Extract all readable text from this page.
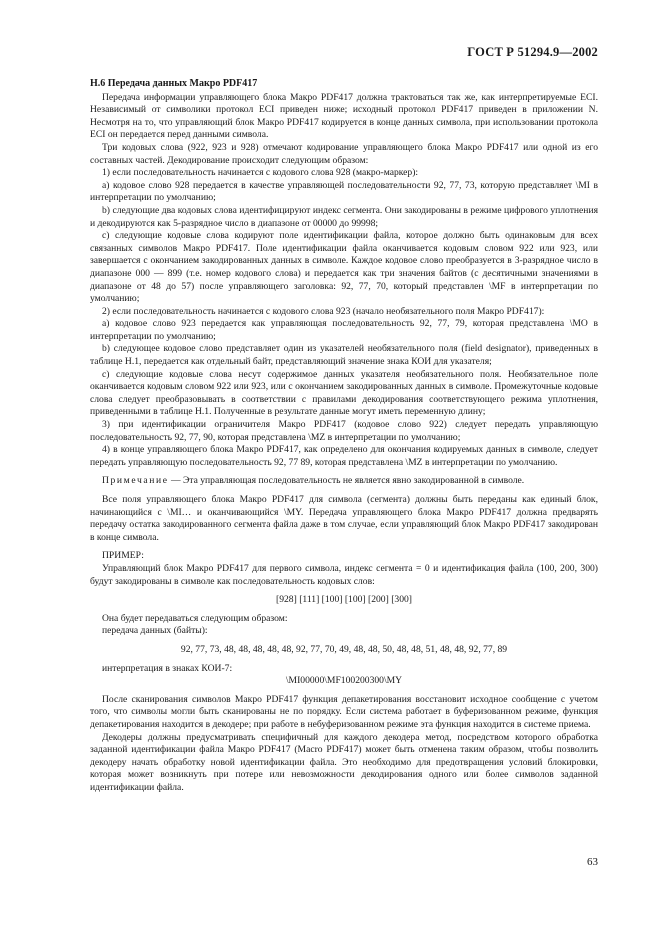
ГОСТ Р 51294.9—2002
Н.6 Передача данных Макро PDF417

Передача информации управляющего блока Макро PDF417 должна трактоваться так же, как интерпретируемые ECI. Независимый от символики протокол ECI приведен ниже; исходный протокол PDF417 приведен в приложении N. Несмотря на то, что управляющий блок Макро PDF417 кодируется в конце данных символа, при использовании протокола ECI он передается перед данными символа.

Три кодовых слова (922, 923 и 928) отмечают кодирование управляющего блока Макро PDF417 или одной из его составных частей. Декодирование происходит следующим образом:

1) если последовательность начинается с кодового слова 928 (макро-маркер):

а) кодовое слово 928 передается в качестве управляющей последовательности 92, 77, 73, которую представляет \MI в интерпретации по умолчанию;

b) следующие два кодовых слова идентифицируют индекс сегмента. Они закодированы в режиме цифрового уплотнения и декодируются как 5-разрядное число в диапазоне от 00000 до 99998;

с) следующие кодовые слова кодируют поле идентификации файла, которое должно быть одинаковым для всех связанных символов Макро PDF417. Поле идентификации файла оканчивается кодовым словом 922 или 923, или завершается с окончанием закодированных данных в символе. Каждое кодовое слово преобразуется в 3-разрядное число в диапазоне 000 — 899 (т.е. номер кодового слова) и передается как три значения байтов (с десятичными значениями в диапазоне от 48 до 57) после управляющего заголовка: 92, 77, 70, который представлен \MF в интерпретации по умолчанию;

2) если последовательность начинается с кодового слова 923 (начало необязательного поля Макро PDF417):

а) кодовое слово 923 передается как управляющая последовательность 92, 77, 79, которая представлена \MO в интерпретации по умолчанию;

b) следующее кодовое слово представляет один из указателей необязательного поля (field designator), приведенных в таблице Н.1, передается как отдельный байт, представляющий значение знака КОИ для указателя;

с) следующие кодовые слова несут содержимое данных указателя необязательного поля. Необязательное поле оканчивается кодовым словом 922 или 923, или с окончанием закодированных данных в символе. Промежуточные кодовые слова следует преобразовывать в соответствии с правилами декодирования соответствующего режима уплотнения, приведенными в таблице Н.1. Полученные в результате данные могут иметь переменную длину;

3) при идентификации ограничителя Макро PDF417 (кодовое слово 922) следует передать управляющую последовательность 92, 77, 90, которая представлена \MZ в интерпретации по умолчанию;

4) в конце управляющего блока Макро PDF417, как определено для окончания кодируемых данных в символе, следует передать управляющую последовательность 92, 77 89, которая представлена \MZ в интерпретации по умолчанию.

Примечание — Эта управляющая последовательность не является явно закодированной в символе.

Все поля управляющего блока Макро PDF417 для символа (сегмента) должны быть переданы как единый блок, начинающийся с \MI… и оканчивающийся \MY. Передача управляющего блока Макро PDF417 должна предварять передачу остатка закодированного сегмента файла даже в том случае, если управляющий блок Макро PDF417 закодирован в конце символа.

ПРИМЕР:

Управляющий блок Макро PDF417 для первого символа, индекс сегмента = 0 и идентификация файла (100, 200, 300) будут закодированы в символе как последовательность кодовых слов:

[928] [111] [100] [100] [200] [300]

Она будет передаваться следующим образом:

передача данных (байты):

92, 77, 73, 48, 48, 48, 48, 48, 92, 77, 70, 49, 48, 48, 50, 48, 48, 51, 48, 48, 92, 77, 89

интерпретация в знаках КОИ-7:

\MI00000\MF100200300\MY

После сканирования символов Макро PDF417 функция депакетирования восстановит исходное сообщение с учетом того, что символы могли быть сканированы не по порядку. Если система работает в буферизованном режиме, функция депакетирования находится в декодере; при работе в небуферизованном режиме эта функция находится в системе приема.

Декодеры должны предусматривать специфичный для каждого декодера метод, посредством которого обработка заданной идентификации файла Макро PDF417 (Macro PDF417) может быть отменена таким образом, чтобы позволить декодеру начать обработку новой идентификации файла. Это необходимо для предотвращения условий блокировки, которая может возникнуть при потере или невозможности декодирования одного или более символов заданной идентификации файла.

63
